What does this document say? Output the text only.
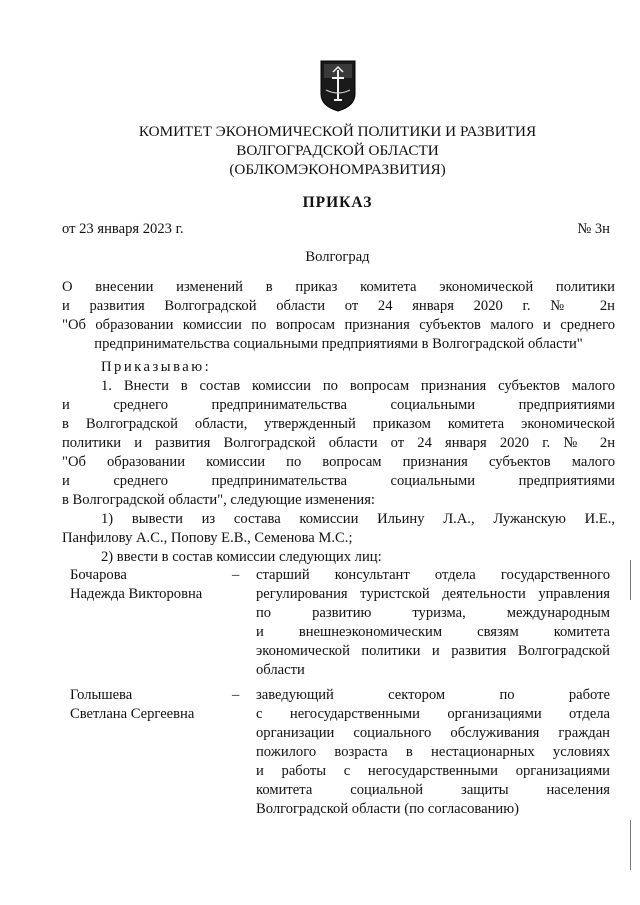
КОМИТЕТ ЭКОНОМИЧЕСКОЙ ПОЛИТИКИ И РАЗВИТИЯ
ВОЛГОГРАДСКОЙ ОБЛАСТИ
(ОБЛКОМЭКОНОМРАЗВИТИЯ)
ПРИКАЗ
от 23 января 2023 г.	№ 3н
Волгоград
О внесении изменений в приказ комитета экономической политики
и развития Волгоградской области от 24 января 2020 г. № 2н
"Об образовании комиссии по вопросам признания субъектов малого и среднего
предпринимательства социальными предприятиями в Волгоградской области"
Приказываю:
1. Внести в состав комиссии по вопросам признания субъектов малого
и среднего предпринимательства социальными предприятиями
в Волгоградской области, утвержденный приказом комитета экономической
политики и развития Волгоградской области от 24 января 2020 г. № 2н
"Об образовании комиссии по вопросам признания субъектов малого
и среднего предпринимательства социальными предприятиями
в Волгоградской области", следующие изменения:
1) вывести из состава комиссии Ильину Л.А., Лужанскую И.Е.,
Панфилову А.С., Попову Е.В., Семенова М.С.;
2) ввести в состав комиссии следующих лиц:
Бочарова
Надежда Викторовна
– старший консультант отдела государственного
регулирования туристской деятельности управления
по развитию туризма, международным
и внешнеэкономическим связям комитета
экономической политики и развития Волгоградской
области
Голышева
Светлана Сергеевна
– заведующий сектором по работе
с негосударственными организациями отдела
организации социального обслуживания граждан
пожилого возраста в нестационарных условиях
и работы с негосударственными организациями
комитета социальной защиты населения
Волгоградской области (по согласованию)
